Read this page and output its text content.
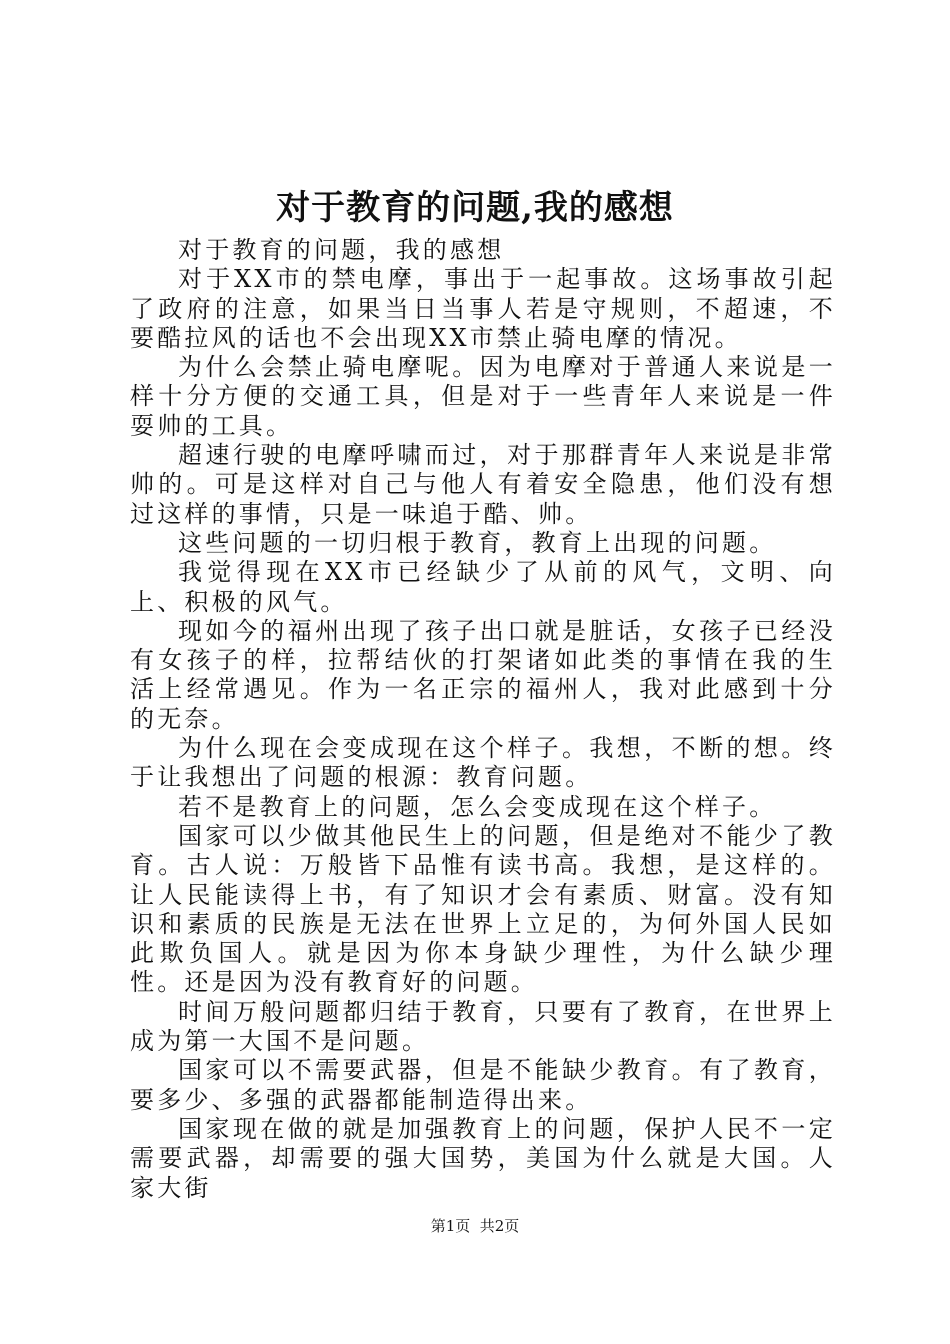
对于教育的问题,我的感想

对于教育的问题，我的感想

对于XX市的禁电摩，事出于一起事故。这场事故引起了政府的注意，如果当日当事人若是守规则，不超速，不要酷拉风的话也不会出现XX市禁止骑电摩的情况。

为什么会禁止骑电摩呢。因为电摩对于普通人来说是一样十分方便的交通工具，但是对于一些青年人来说是一件耍帅的工具。

超速行驶的电摩呼啸而过，对于那群青年人来说是非常帅的。可是这样对自己与他人有着安全隐患，他们没有想过这样的事情，只是一味追于酷、帅。

这些问题的一切归根于教育，教育上出现的问题。

我觉得现在XX市已经缺少了从前的风气，文明、向上、积极的风气。

现如今的福州出现了孩子出口就是脏话，女孩子已经没有女孩子的样，拉帮结伙的打架诸如此类的事情在我的生活上经常遇见。作为一名正宗的福州人，我对此感到十分的无奈。

为什么现在会变成现在这个样子。我想，不断的想。终于让我想出了问题的根源：教育问题。

若不是教育上的问题，怎么会变成现在这个样子。

国家可以少做其他民生上的问题，但是绝对不能少了教育。古人说：万般皆下品惟有读书高。我想，是这样的。让人民能读得上书，有了知识才会有素质、财富。没有知识和素质的民族是无法在世界上立足的，为何外国人民如此欺负国人。就是因为你本身缺少理性，为什么缺少理性。还是因为没有教育好的问题。

时间万般问题都归结于教育，只要有了教育，在世界上成为第一大国不是问题。

国家可以不需要武器，但是不能缺少教育。有了教育，要多少、多强的武器都能制造得出来。

国家现在做的就是加强教育上的问题，保护人民不一定需要武器，却需要的强大国势，美国为什么就是大国。人家大街

第1页  共2页
